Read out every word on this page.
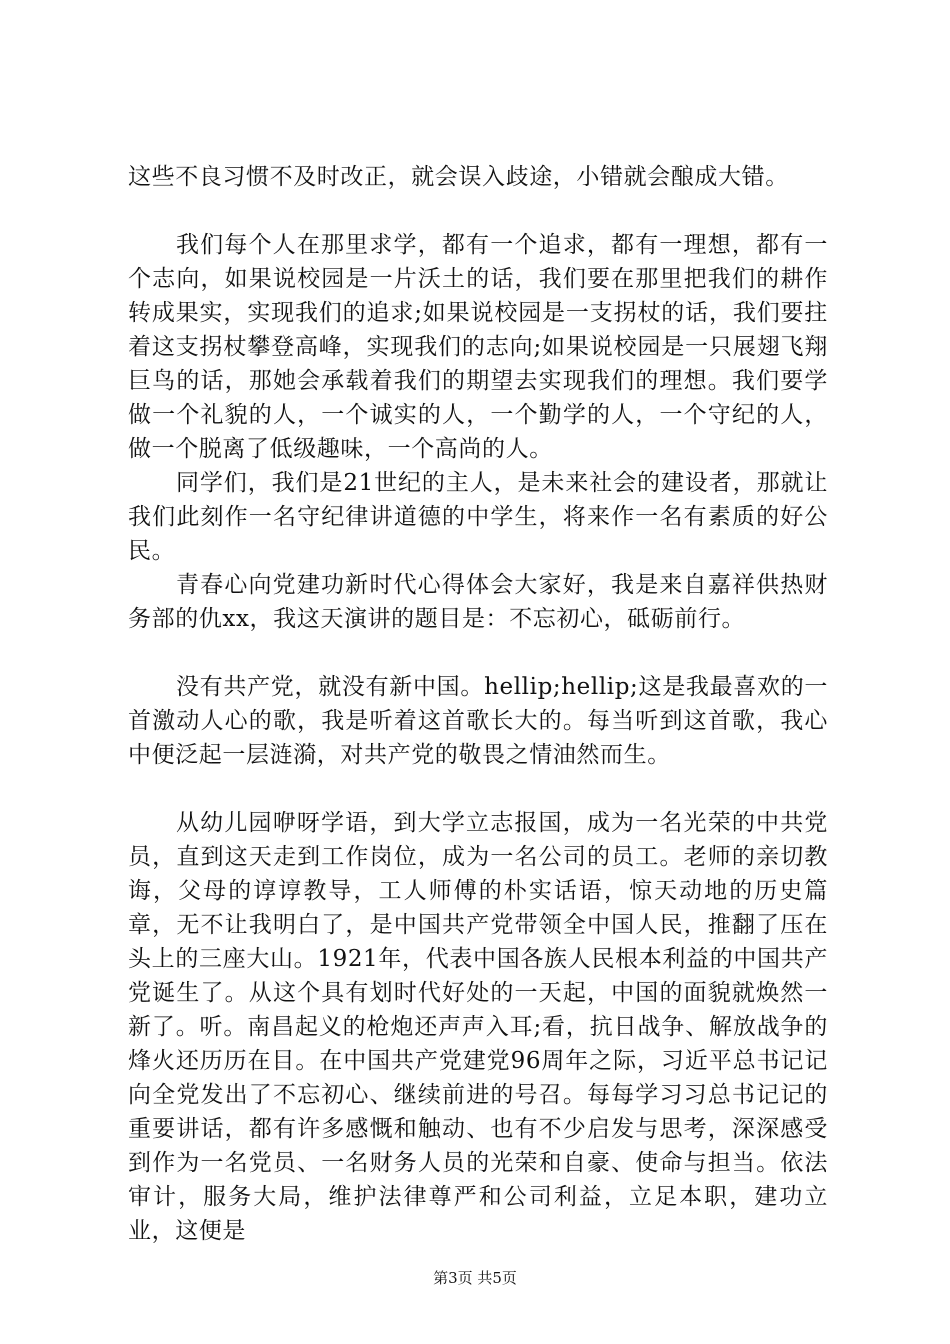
这些不良习惯不及时改正，就会误入歧途，小错就会酿成大错。

我们每个人在那里求学，都有一个追求，都有一理想，都有一个志向，如果说校园是一片沃土的话，我们要在那里把我们的耕作转成果实，实现我们的追求;如果说校园是一支拐杖的话，我们要拄着这支拐杖攀登高峰，实现我们的志向;如果说校园是一只展翅飞翔巨鸟的话，那她会承载着我们的期望去实现我们的理想。我们要学做一个礼貌的人，一个诚实的人，一个勤学的人，一个守纪的人，做一个脱离了低级趣味，一个高尚的人。

同学们，我们是21世纪的主人，是未来社会的建设者，那就让我们此刻作一名守纪律讲道德的中学生，将来作一名有素质的好公民。

青春心向党建功新时代心得体会大家好，我是来自嘉祥供热财务部的仇xx，我这天演讲的题目是：不忘初心，砥砺前行。

没有共产党，就没有新中国。hellip;hellip;这是我最喜欢的一首激动人心的歌，我是听着这首歌长大的。每当听到这首歌，我心中便泛起一层涟漪，对共产党的敬畏之情油然而生。

从幼儿园咿呀学语，到大学立志报国，成为一名光荣的中共党员，直到这天走到工作岗位，成为一名公司的员工。老师的亲切教诲，父母的谆谆教导，工人师傅的朴实话语，惊天动地的历史篇章，无不让我明白了，是中国共产党带领全中国人民，推翻了压在头上的三座大山。1921年，代表中国各族人民根本利益的中国共产党诞生了。从这个具有划时代好处的一天起，中国的面貌就焕然一新了。听。南昌起义的枪炮还声声入耳;看，抗日战争、解放战争的烽火还历历在目。在中国共产党建党96周年之际，习近平总书记记向全党发出了不忘初心、继续前进的号召。每每学习习总书记记的重要讲话，都有许多感慨和触动、也有不少启发与思考，深深感受到作为一名党员、一名财务人员的光荣和自豪、使命与担当。依法审计，服务大局，维护法律尊严和公司利益，立足本职，建功立业，这便是

第3页 共5页
